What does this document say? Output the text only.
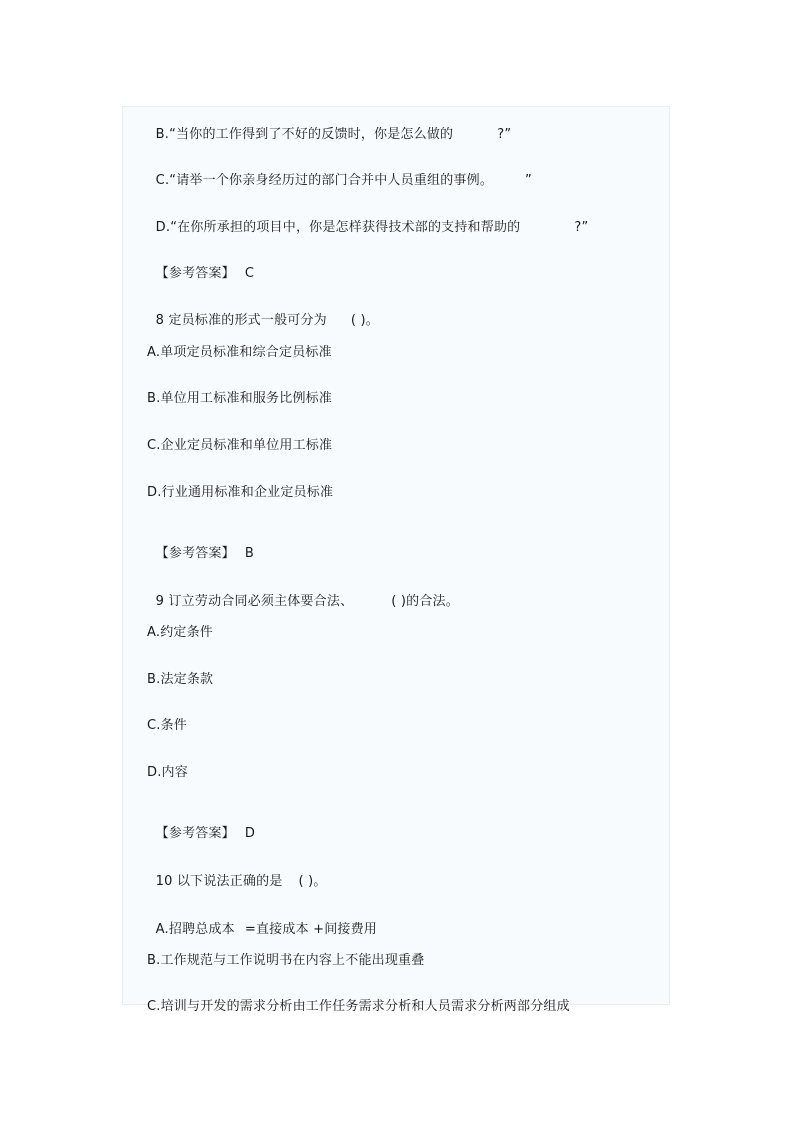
B.“当你的工作得到了不好的反馈时，你是怎么做的	?”

C.“请举一个你亲身经历过的部门合并中人员重组的事例。 ”

D.“在你所承担的项目中，你是怎样获得技术部的支持和帮助的	?”

【参考答案】 C

8 定员标准的形式一般可分为 ( )。

A.单项定员标准和综合定员标准
B.单位用工标准和服务比例标准
C.企业定员标准和单位用工标准
D.行业通用标准和企业定员标准

【参考答案】 B

9 订立劳动合同必须主体要合法、	( )的合法。

A.约定条件
B.法定条款
C.条件
D.内容

【参考答案】 D

10 以下说法正确的是 ( )。

A.招聘总成本 =直接成本 +间接费用

B.工作规范与工作说明书在内容上不能出现重叠
C.培训与开发的需求分析由工作任务需求分析和人员需求分析两部分组成
